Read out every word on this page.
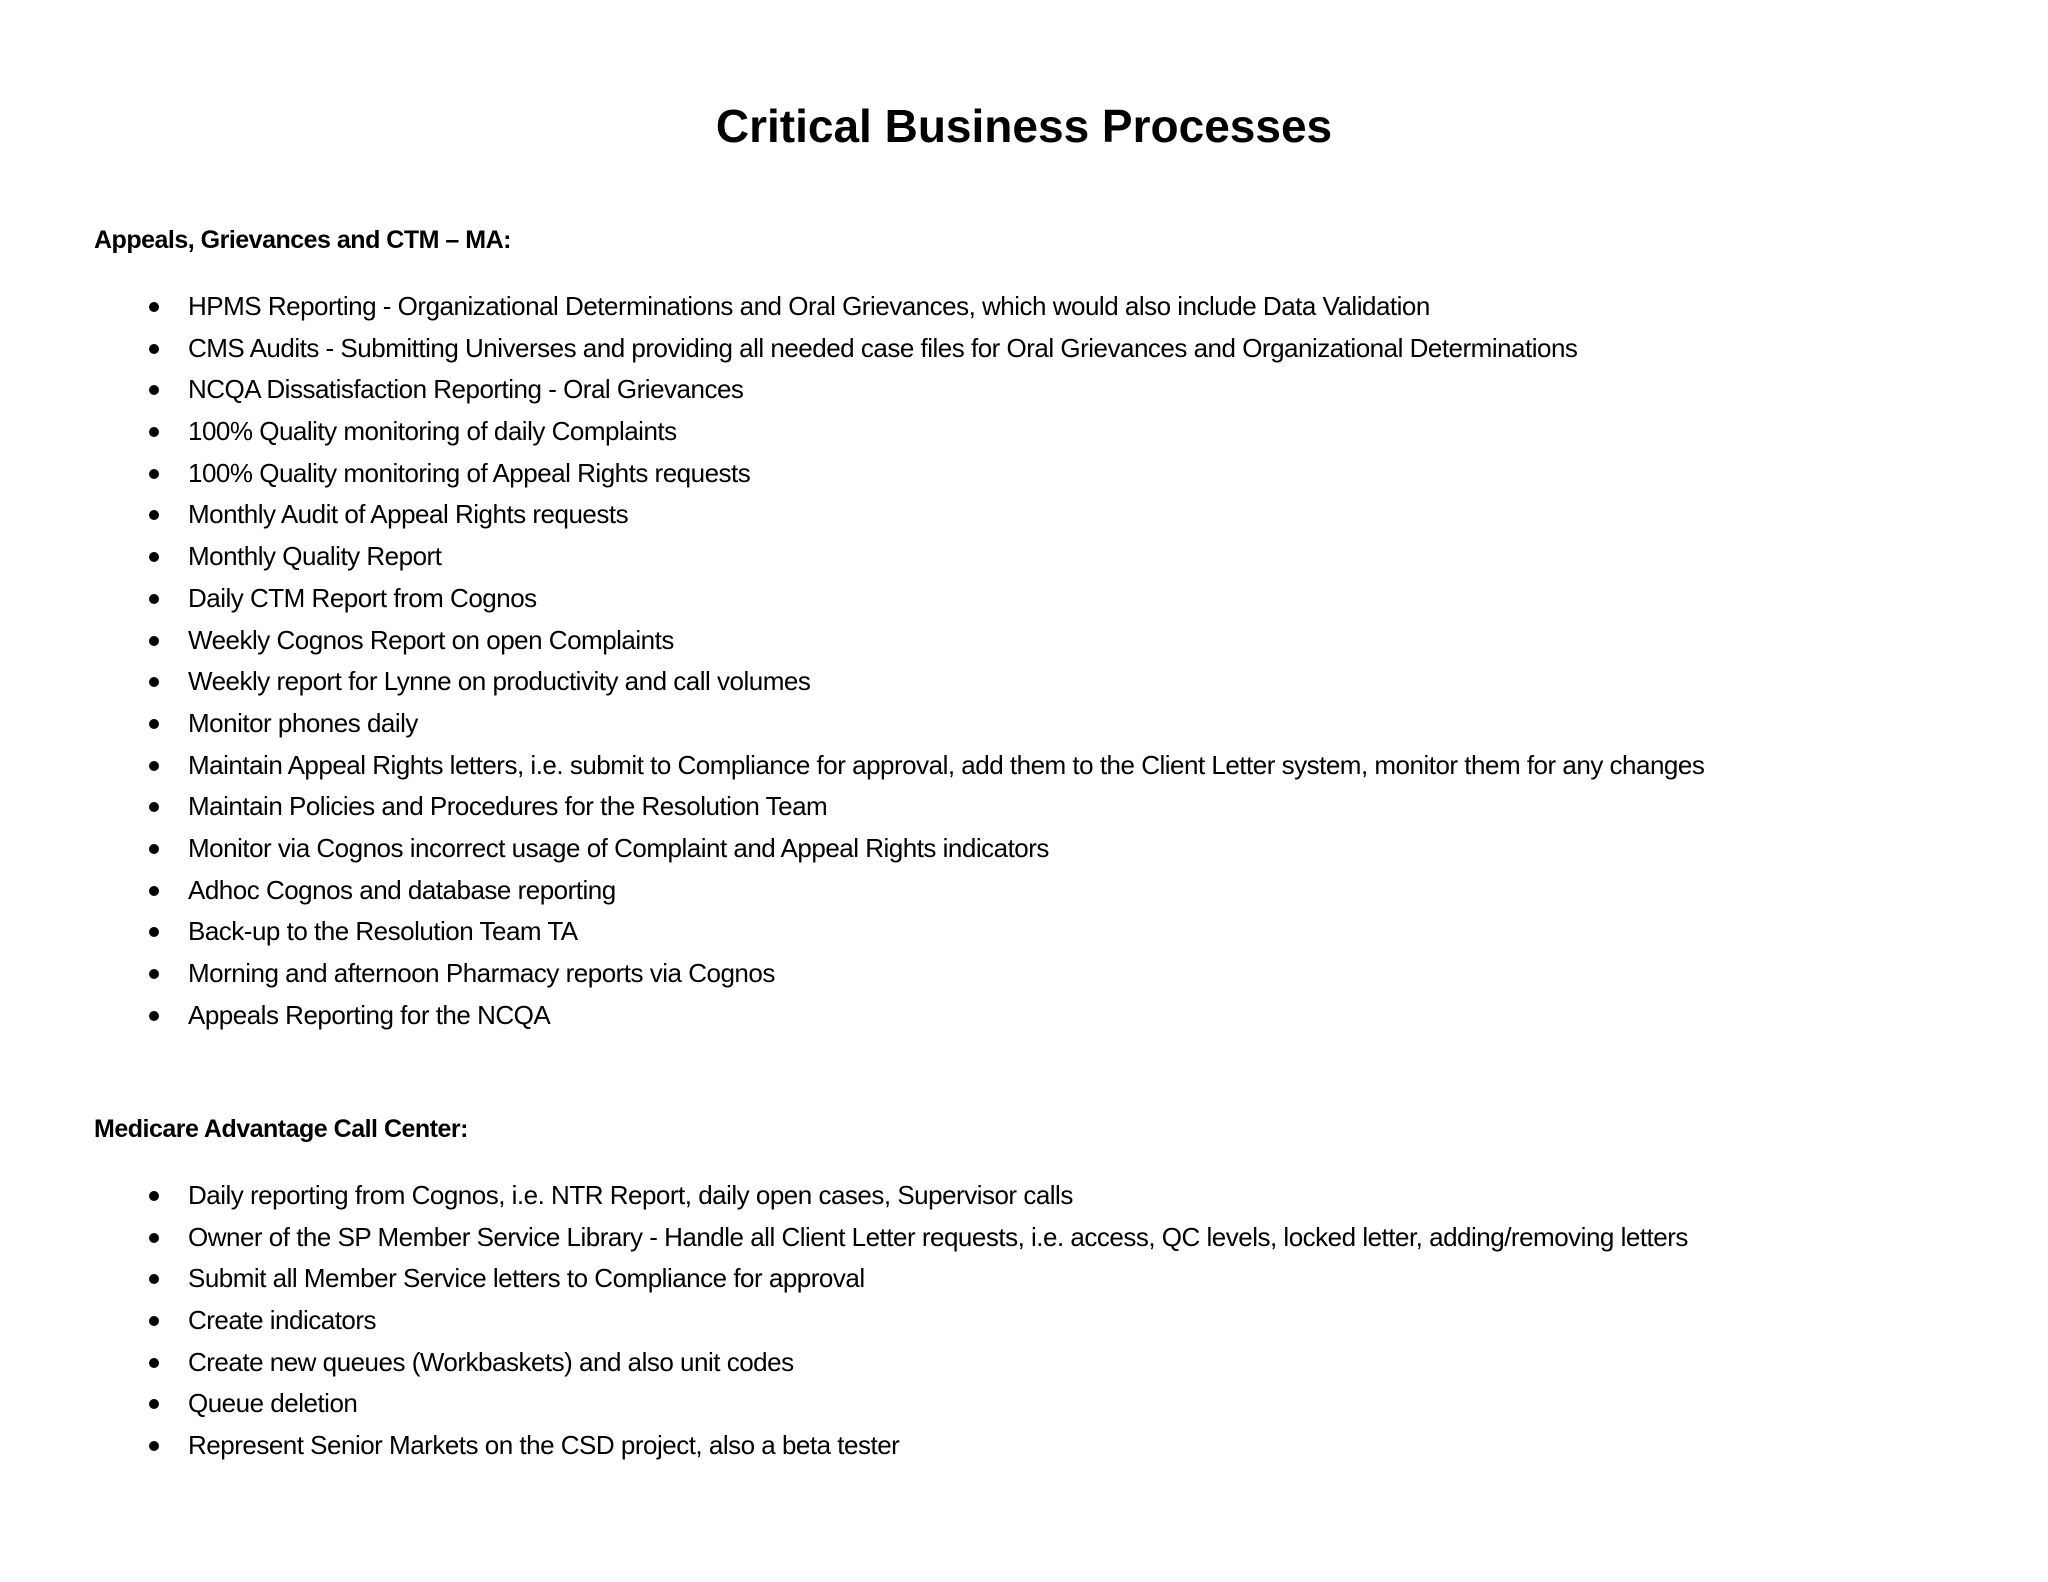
Critical Business Processes
Appeals, Grievances and CTM – MA:
HPMS Reporting - Organizational Determinations and Oral Grievances, which would also include Data Validation
CMS Audits - Submitting Universes and providing all needed case files for Oral Grievances and Organizational Determinations
NCQA Dissatisfaction Reporting - Oral Grievances
100% Quality monitoring of daily Complaints
100% Quality monitoring of Appeal Rights requests
Monthly Audit of Appeal Rights requests
Monthly Quality Report
Daily CTM Report from Cognos
Weekly Cognos Report on open Complaints
Weekly report for Lynne on productivity and call volumes
Monitor phones daily
Maintain Appeal Rights letters, i.e. submit to Compliance for approval, add them to the Client Letter system, monitor them for any changes
Maintain Policies and Procedures for the Resolution Team
Monitor via Cognos incorrect usage of Complaint and Appeal Rights indicators
Adhoc Cognos and database reporting
Back-up to the Resolution Team TA
Morning and afternoon Pharmacy reports via Cognos
Appeals Reporting for the NCQA
Medicare Advantage Call Center:
Daily reporting from Cognos, i.e. NTR Report, daily open cases, Supervisor calls
Owner of the SP Member Service Library - Handle all Client Letter requests, i.e. access, QC levels, locked letter, adding/removing letters
Submit all Member Service letters to Compliance for approval
Create indicators
Create new queues (Workbaskets) and also unit codes
Queue deletion
Represent Senior Markets on the CSD project, also a beta tester
